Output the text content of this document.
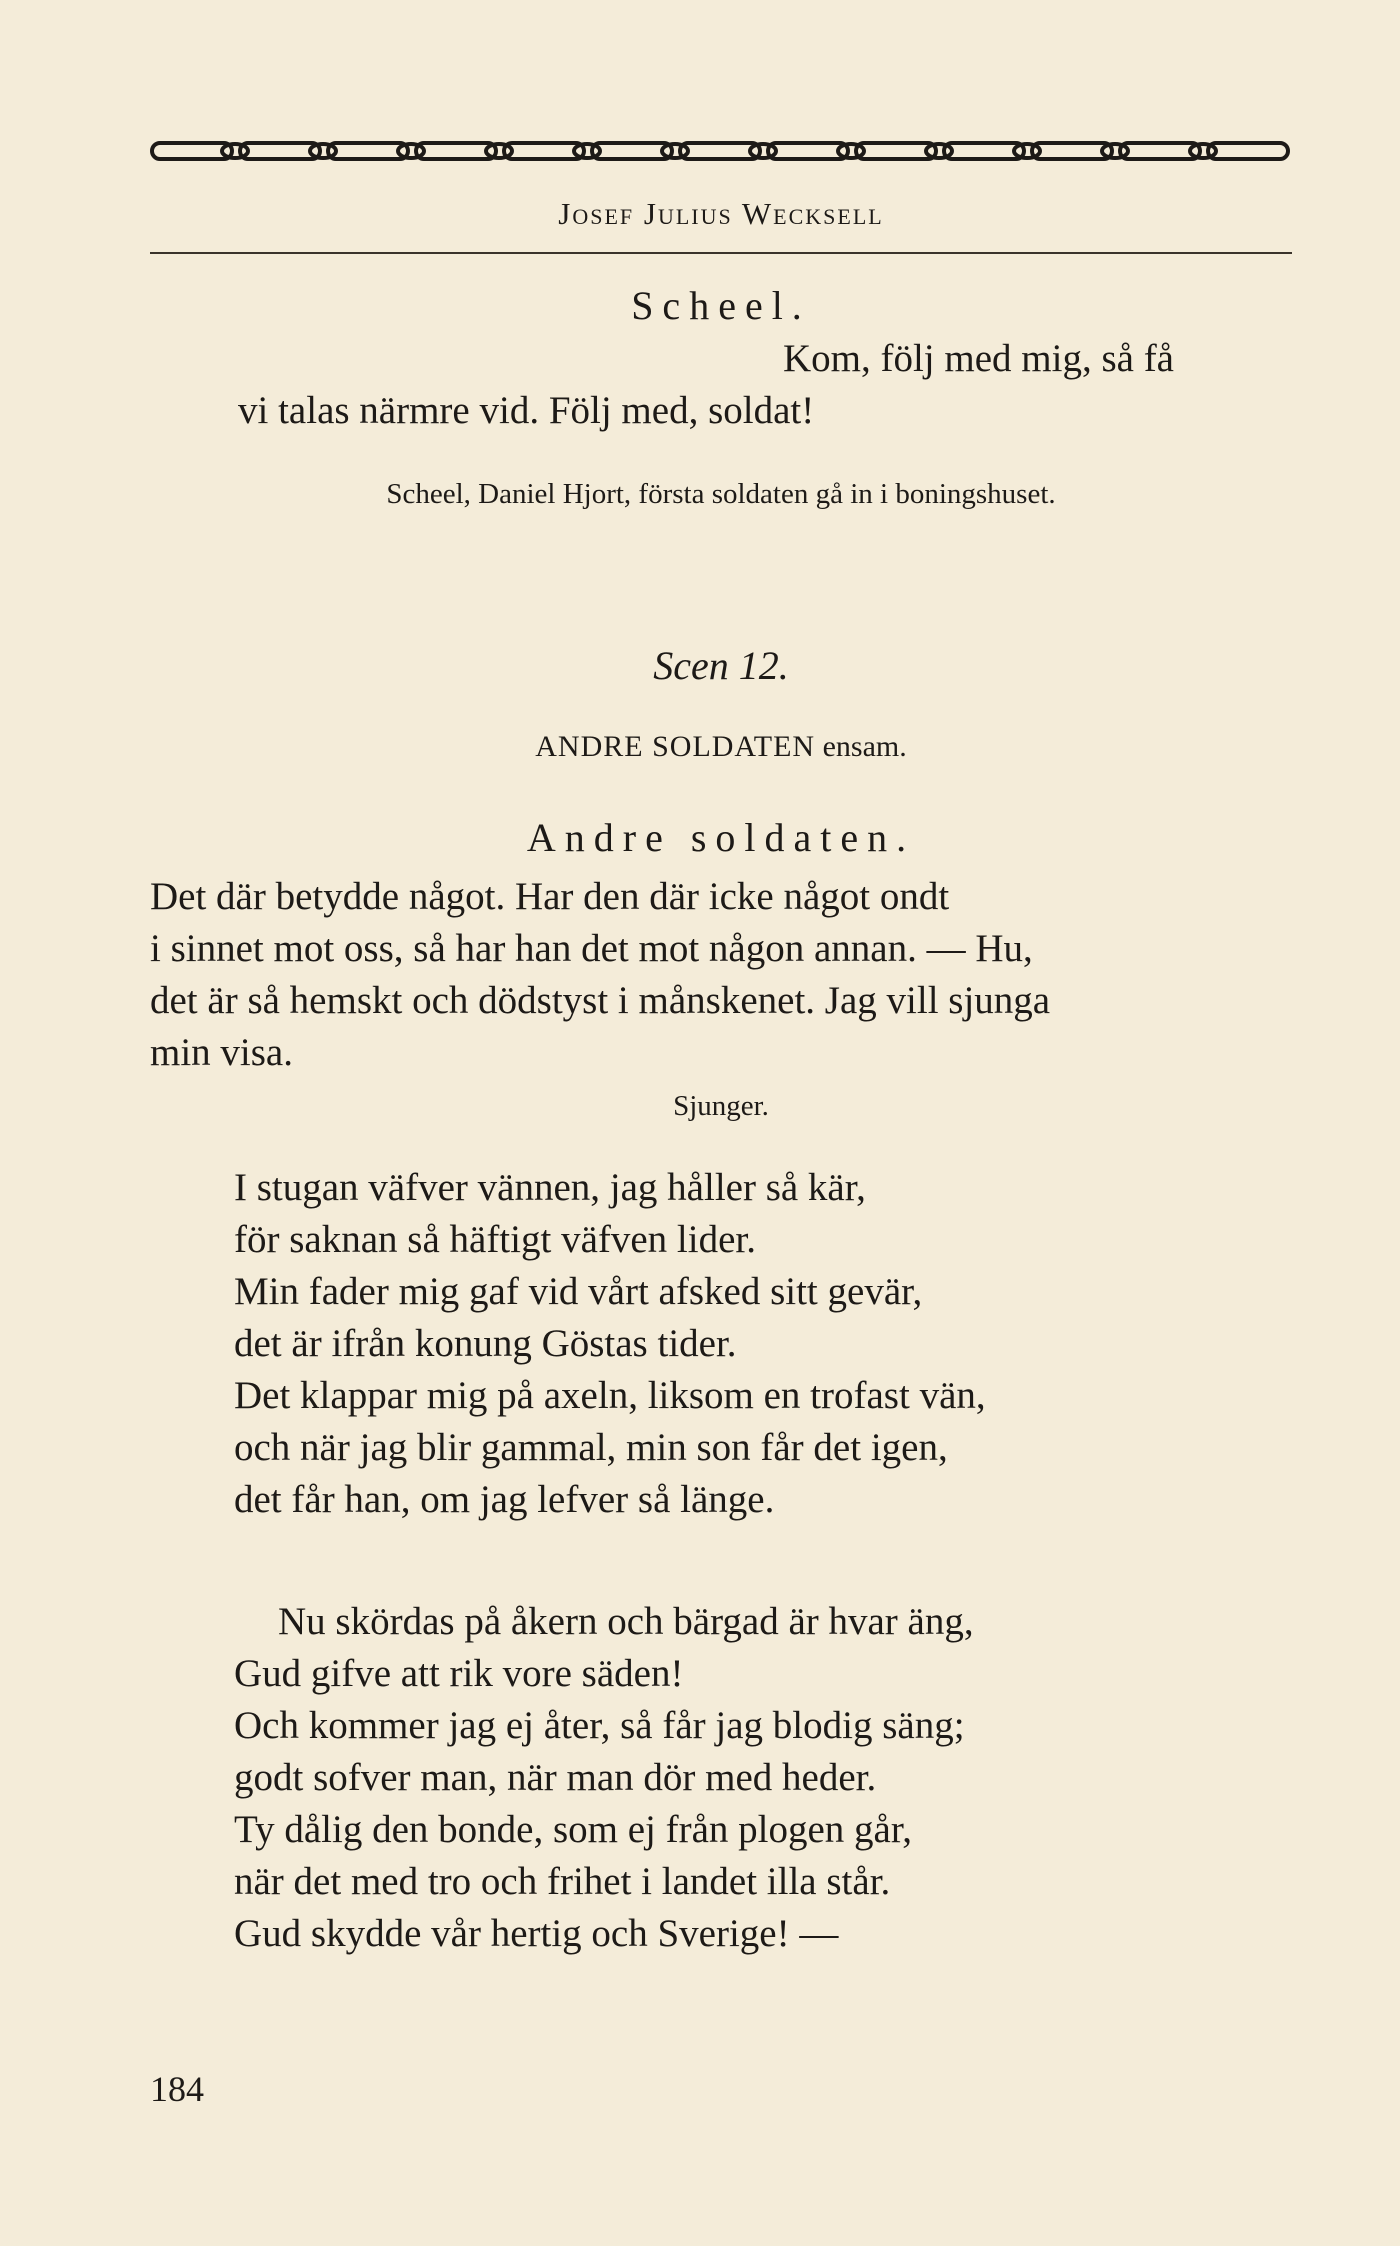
Josef Julius Wecksell
Scheel.
Kom, följ med mig, så få
vi talas närmre vid. Följ med, soldat!
Scheel, Daniel Hjort, första soldaten gå in i boningshuset.
Scen 12.
ANDRE SOLDATEN ensam.
Andre soldaten.
Det där betydde något. Har den där icke något ondt
i sinnet mot oss, så har han det mot någon annan. — Hu,
det är så hemskt och dödstyst i månskenet. Jag vill sjunga
min visa.
Sjunger.
I stugan väfver vännen, jag håller så kär,
för saknan så häftigt väfven lider.
Min fader mig gaf vid vårt afsked sitt gevär,
det är ifrån konung Göstas tider.
Det klappar mig på axeln, liksom en trofast vän,
och när jag blir gammal, min son får det igen,
det får han, om jag lefver så länge.
Nu skördas på åkern och bärgad är hvar äng,
Gud gifve att rik vore säden!
Och kommer jag ej åter, så får jag blodig säng;
godt sofver man, när man dör med heder.
Ty dålig den bonde, som ej från plogen går,
när det med tro och frihet i landet illa står.
Gud skydde vår hertig och Sverige! —
184
